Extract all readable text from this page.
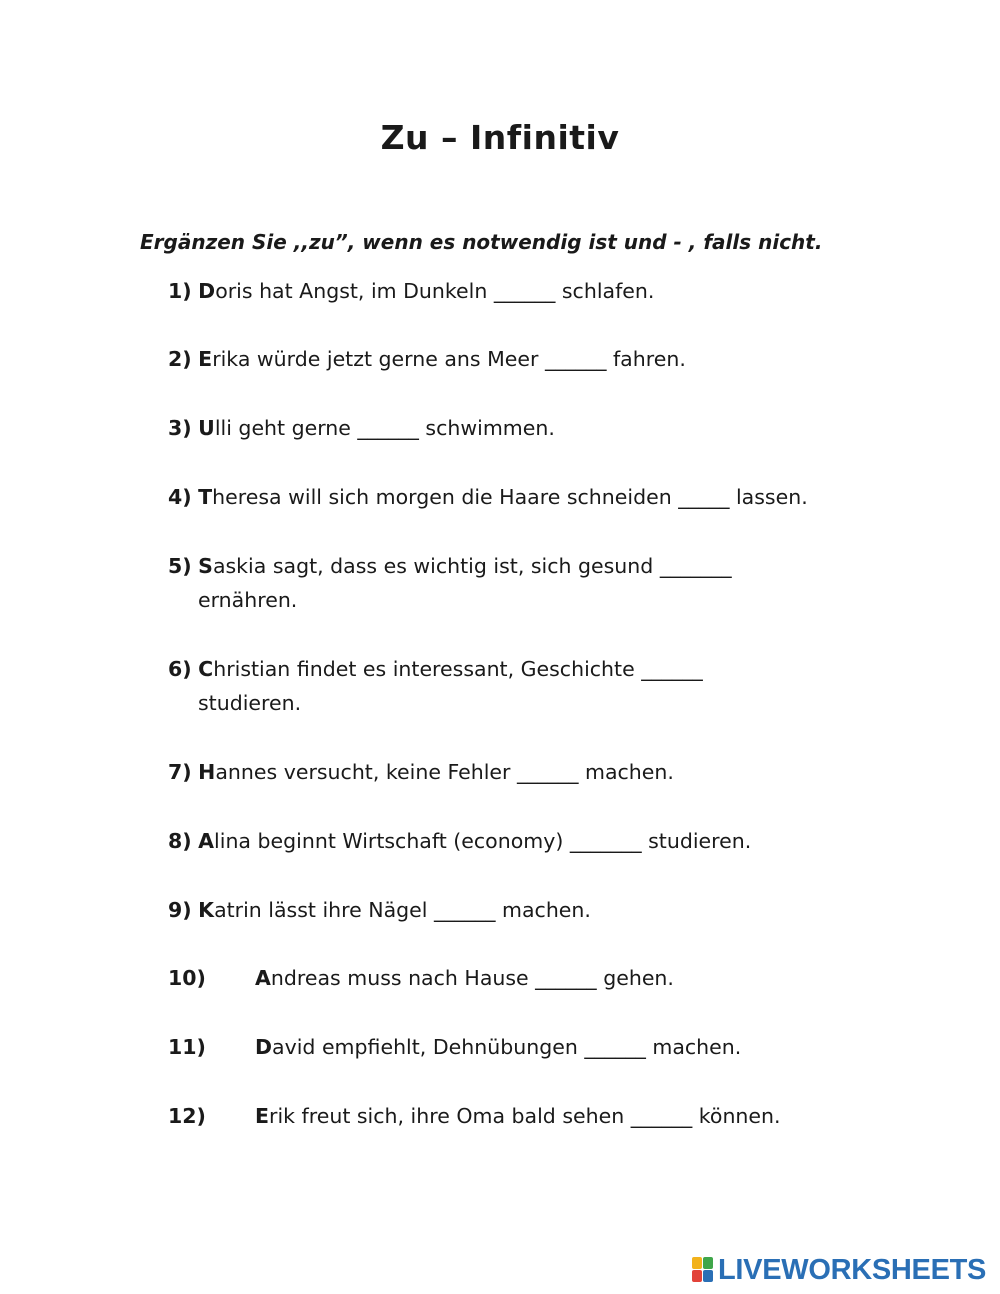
Zu – Infinitiv
Ergänzen Sie ,,zu”, wenn es notwendig ist und - , falls nicht.
1) Doris hat Angst, im Dunkeln ______ schlafen.
2) Erika würde jetzt gerne ans Meer ______ fahren.
3) Ulli geht gerne ______ schwimmen.
4) Theresa will sich morgen die Haare schneiden _____ lassen.
5) Saskia sagt, dass es wichtig ist, sich gesund _______
ernähren.
6) Christian findet es interessant, Geschichte ______
studieren.
7) Hannes versucht, keine Fehler ______ machen.
8) Alina beginnt Wirtschaft (economy) _______ studieren.
9) Katrin lässt ihre Nägel ______ machen.
10) Andreas muss nach Hause ______ gehen.
11) David empfiehlt, Dehnübungen ______ machen.
12) Erik freut sich, ihre Oma bald sehen ______ können.
LIVEWORKSHEETS
